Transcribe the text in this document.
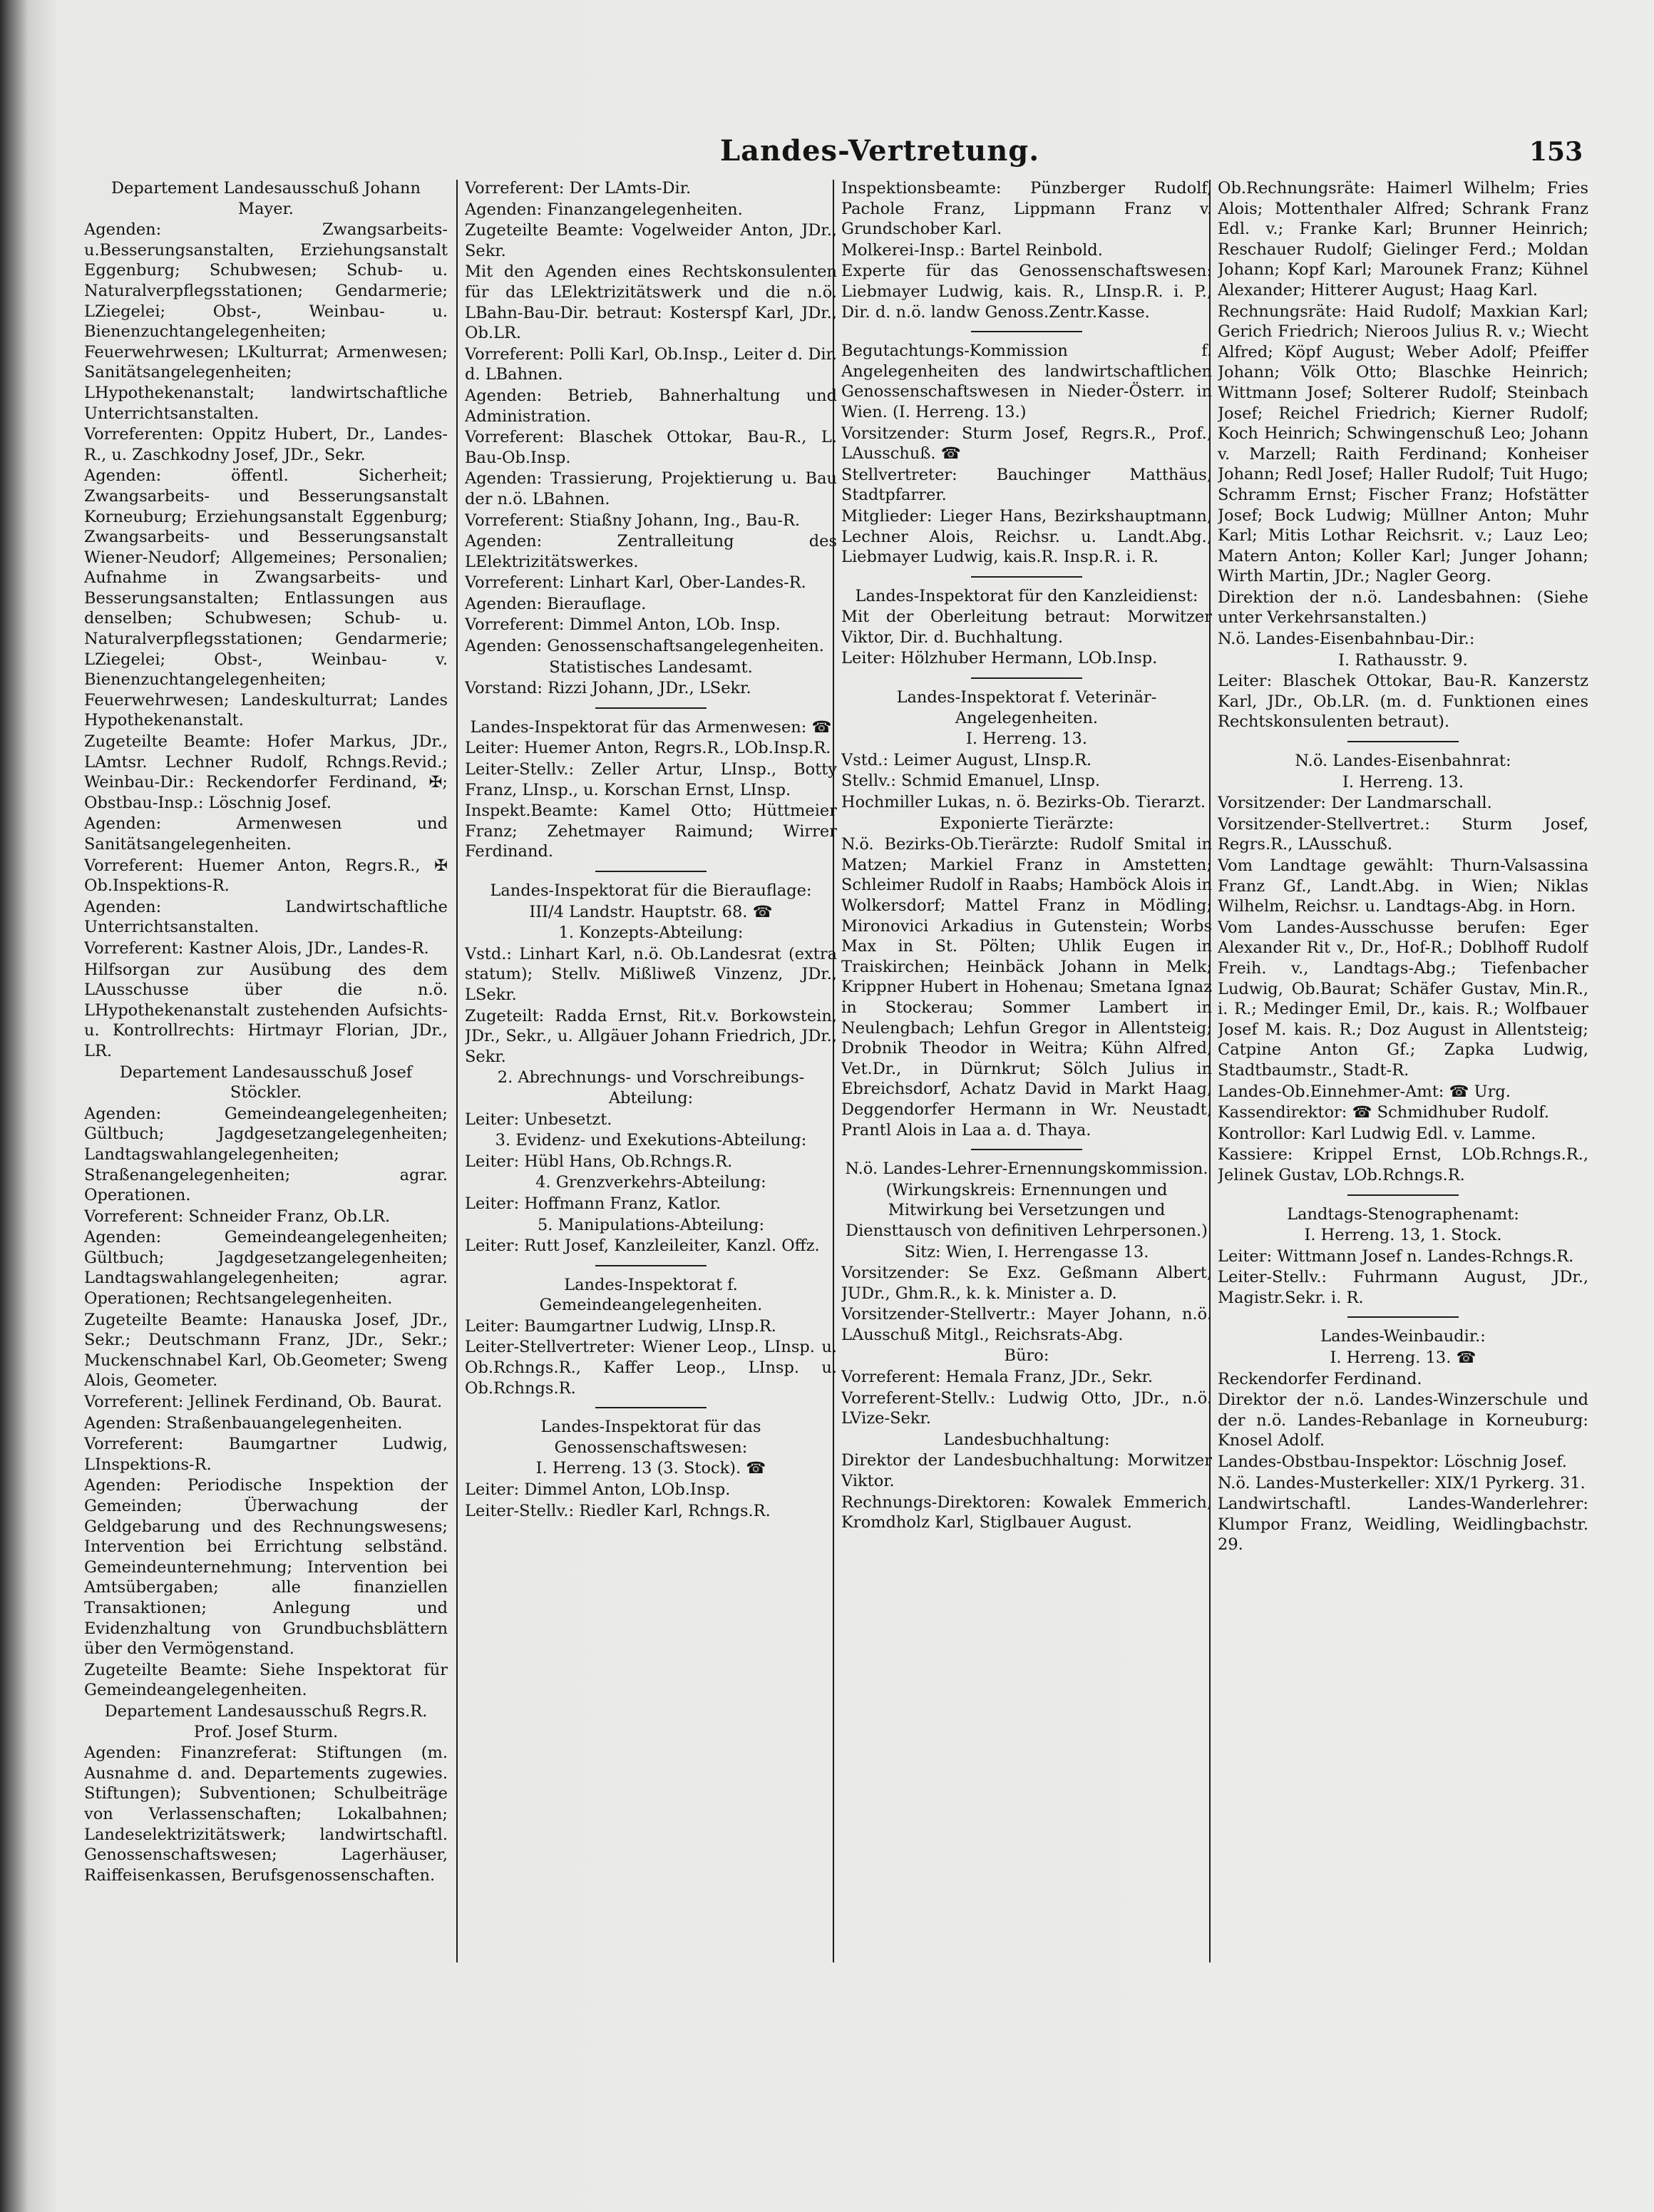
Landes-Vertretung.	153
Departement Landesausschuß Johann Mayer.
Agenden: Zwangsarbeits-u.Besserungsanstalten, Erziehungsanstalt Eggenburg; Schubwesen; Schub- u. Naturalverpflegsstationen; Gendarmerie; LZiegelei; Obst-, Weinbau- u. Bienenzuchtangelegenheiten; Feuerwehrwesen; LKulturrat; Armenwesen; Sanitätsangelegenheiten; LHypothekenanstalt; landwirtschaftliche Unterrichtsanstalten.
Vorreferenten: Oppitz Hubert, Dr., Landes-R., u. Zaschkodny Josef, JDr., Sekr.
Agenden: öffentl. Sicherheit; Zwangsarbeits- und Besserungsanstalt Korneuburg; Erziehungsanstalt Eggenburg; Zwangsarbeits- und Besserungsanstalt Wiener-Neudorf; Allgemeines; Personalien; Aufnahme in Zwangsarbeits- und Besserungsanstalten; Entlassungen aus denselben; Schubwesen; Schub- u. Naturalverpflegsstationen; Gendarmerie; LZiegelei; Obst-, Weinbau- v. Bienenzuchtangelegenheiten; Feuerwehrwesen; Landeskulturrat; Landes Hypothekenanstalt.
Zugeteilte Beamte: Hofer Markus, JDr., LAmtsr. Lechner Rudolf, Rchngs.Revid.; Weinbau-Dir.: Reckendorfer Ferdinand, ✠; Obstbau-Insp.: Löschnig Josef.
Agenden: Armenwesen und Sanitätsangelegenheiten.
Vorreferent: Huemer Anton, Regrs.R., ✠ Ob.Inspektions-R.
Agenden: Landwirtschaftliche Unterrichtsanstalten.
Vorreferent: Kastner Alois, JDr., Landes-R.
Hilfsorgan zur Ausübung des dem LAusschusse über die n.ö. LHypothekenanstalt zustehenden Aufsichts- u. Kontrollrechts: Hirtmayr Florian, JDr., LR.
Departement Landesausschuß Josef Stöckler.
Agenden: Gemeindeangelegenheiten; Gültbuch; Jagdgesetzangelegenheiten; Landtagswahlangelegenheiten; Straßenangelegenheiten; agrar. Operationen.
Vorreferent: Schneider Franz, Ob.LR.
Agenden: Gemeindeangelegenheiten; Gültbuch; Jagdgesetzangelegenheiten; Landtagswahlangelegenheiten; agrar. Operationen; Rechtsangelegenheiten.
Zugeteilte Beamte: Hanauska Josef, JDr., Sekr.; Deutschmann Franz, JDr., Sekr.; Muckenschnabel Karl, Ob.Geometer; Sweng Alois, Geometer.
Vorreferent: Jellinek Ferdinand, Ob. Baurat.
Agenden: Straßenbauangelegenheiten.
Vorreferent: Baumgartner Ludwig, LInspektions-R.
Agenden: Periodische Inspektion der Gemeinden; Überwachung der Geldgebarung und des Rechnungswesens; Intervention bei Errichtung selbständ. Gemeindeunternehmung; Intervention bei Amtsübergaben; alle finanziellen Transaktionen; Anlegung und Evidenzhaltung von Grundbuchsblättern über den Vermögenstand.
Zugeteilte Beamte: Siehe Inspektorat für Gemeindeangelegenheiten.
Departement Landesausschuß Regrs.R. Prof. Josef Sturm.
Agenden: Finanzreferat: Stiftungen (m. Ausnahme d. and. Departements zugewies. Stiftungen); Subventionen; Schulbeiträge von Verlassenschaften; Lokalbahnen; Landeselektrizitätswerk; landwirtschaftl. Genossenschaftswesen; Lagerhäuser, Raiffeisenkassen, Berufsgenossenschaften.
Vorreferent: Der LAmts-Dir.
Agenden: Finanzangelegenheiten.
Zugeteilte Beamte: Vogelweider Anton, JDr., Sekr.
Mit den Agenden eines Rechtskonsulenten für das LElektrizitätswerk und die n.ö. LBahn-Bau-Dir. betraut: Kosterspf Karl, JDr., Ob.LR.
Vorreferent: Polli Karl, Ob.Insp., Leiter d. Dir. d. LBahnen.
Agenden: Betrieb, Bahnerhaltung und Administration.
Vorreferent: Blaschek Ottokar, Bau-R., L. Bau-Ob.Insp.
Agenden: Trassierung, Projektierung u. Bau der n.ö. LBahnen.
Vorreferent: Stiaßny Johann, Ing., Bau-R.
Agenden: Zentralleitung des LElektrizitätswerkes.
Vorreferent: Linhart Karl, Ober-Landes-R.
Agenden: Bierauflage.
Vorreferent: Dimmel Anton, LOb. Insp.
Agenden: Genossenschaftsangelegenheiten.
Statistisches Landesamt.
Vorstand: Rizzi Johann, JDr., LSekr.
Landes-Inspektorat für das Armenwesen: ☎
Leiter: Huemer Anton, Regrs.R., LOb.Insp.R.
Leiter-Stellv.: Zeller Artur, LInsp., Botty Franz, LInsp., u. Korschan Ernst, LInsp.
Inspekt.Beamte: Kamel Otto; Hüttmeier Franz; Zehetmayer Raimund; Wirrer Ferdinand.
Landes-Inspektorat für die Bierauflage:
III/4 Landstr. Hauptstr. 68. ☎
1. Konzepts-Abteilung:
Vstd.: Linhart Karl, n.ö. Ob.Landesrat (extra statum); Stellv. Mißliweß Vinzenz, JDr., LSekr.
Zugeteilt: Radda Ernst, Rit.v. Borkowstein, JDr., Sekr., u. Allgäuer Johann Friedrich, JDr., Sekr.
2. Abrechnungs- und Vorschreibungs-Abteilung:
Leiter: Unbesetzt.
3. Evidenz- und Exekutions-Abteilung:
Leiter: Hübl Hans, Ob.Rchngs.R.
4. Grenzverkehrs-Abteilung:
Leiter: Hoffmann Franz, Katlor.
5. Manipulations-Abteilung:
Leiter: Rutt Josef, Kanzleileiter, Kanzl. Offz.
Landes-Inspektorat f. Gemeindeangelegenheiten.
Leiter: Baumgartner Ludwig, LInsp.R.
Leiter-Stellvertreter: Wiener Leop., LInsp. u. Ob.Rchngs.R., Kaffer Leop., LInsp. u. Ob.Rchngs.R.
Landes-Inspektorat für das Genossenschaftswesen:
I. Herreng. 13 (3. Stock). ☎
Leiter: Dimmel Anton, LOb.Insp.
Leiter-Stellv.: Riedler Karl, Rchngs.R.
Inspektionsbeamte: Pünzberger Rudolf, Pachole Franz, Lippmann Franz v. Grundschober Karl.
Molkerei-Insp.: Bartel Reinbold.
Experte für das Genossenschaftswesen: Liebmayer Ludwig, kais. R., LInsp.R. i. P., Dir. d. n.ö. landw Genoss.Zentr.Kasse.
Begutachtungs-Kommission f. Angelegenheiten des landwirtschaftlichen Genossenschaftswesen in Nieder-Österr. in Wien. (I. Herreng. 13.)
Vorsitzender: Sturm Josef, Regrs.R., Prof., LAusschuß. ☎
Stellvertreter: Bauchinger Matthäus, Stadtpfarrer.
Mitglieder: Lieger Hans, Bezirkshauptmann, Lechner Alois, Reichsr. u. Landt.Abg., Liebmayer Ludwig, kais.R. Insp.R. i. R.
Landes-Inspektorat für den Kanzleidienst:
Mit der Oberleitung betraut: Morwitzer Viktor, Dir. d. Buchhaltung.
Leiter: Hölzhuber Hermann, LOb.Insp.
Landes-Inspektorat f. Veterinär-Angelegenheiten.
I. Herreng. 13.
Vstd.: Leimer August, LInsp.R.
Stellv.: Schmid Emanuel, LInsp.
Hochmiller Lukas, n. ö. Bezirks-Ob. Tierarzt.
Exponierte Tierärzte:
N.ö. Bezirks-Ob.Tierärzte: Rudolf Smital in Matzen; Markiel Franz in Amstetten; Schleimer Rudolf in Raabs; Hamböck Alois in Wolkersdorf; Mattel Franz in Mödling; Mironovici Arkadius in Gutenstein; Worbs Max in St. Pölten; Uhlik Eugen in Traiskirchen; Heinbäck Johann in Melk; Krippner Hubert in Hohenau; Smetana Ignaz in Stockerau; Sommer Lambert in Neulengbach; Lehfun Gregor in Allentsteig; Drobnik Theodor in Weitra; Kühn Alfred, Vet.Dr., in Dürnkrut; Sölch Julius in Ebreichsdorf, Achatz David in Markt Haag, Deggendorfer Hermann in Wr. Neustadt, Prantl Alois in Laa a. d. Thaya.
N.ö. Landes-Lehrer-Ernennungskommission.
(Wirkungskreis: Ernennungen und Mitwirkung bei Versetzungen und Diensttausch von definitiven Lehrpersonen.)
Sitz: Wien, I. Herrengasse 13.
Vorsitzender: Se Exz. Geßmann Albert, JUDr., Ghm.R., k. k. Minister a. D.
Vorsitzender-Stellvertr.: Mayer Johann, n.ö. LAusschuß Mitgl., Reichsrats-Abg.
Büro:
Vorreferent: Hemala Franz, JDr., Sekr.
Vorreferent-Stellv.: Ludwig Otto, JDr., n.ö. LVize-Sekr.
Landesbuchhaltung:
Direktor der Landesbuchhaltung: Morwitzer Viktor.
Rechnungs-Direktoren: Kowalek Emmerich, Kromdholz Karl, Stiglbauer August.
Ob.Rechnungsräte: Haimerl Wilhelm; Fries Alois; Mottenthaler Alfred; Schrank Franz Edl. v.; Franke Karl; Brunner Heinrich; Reschauer Rudolf; Gielinger Ferd.; Moldan Johann; Kopf Karl; Marounek Franz; Kühnel Alexander; Hitterer August; Haag Karl.
Rechnungsräte: Haid Rudolf; Maxkian Karl; Gerich Friedrich; Nieroos Julius R. v.; Wiecht Alfred; Köpf August; Weber Adolf; Pfeiffer Johann; Völk Otto; Blaschke Heinrich; Wittmann Josef; Solterer Rudolf; Steinbach Josef; Reichel Friedrich; Kierner Rudolf; Koch Heinrich; Schwingenschuß Leo; Johann v. Marzell; Raith Ferdinand; Konheiser Johann; Redl Josef; Haller Rudolf; Tuit Hugo; Schramm Ernst; Fischer Franz; Hofstätter Josef; Bock Ludwig; Müllner Anton; Muhr Karl; Mitis Lothar Reichsrit. v.; Lauz Leo; Matern Anton; Koller Karl; Junger Johann; Wirth Martin, JDr.; Nagler Georg.
Direktion der n.ö. Landesbahnen: (Siehe unter Verkehrsanstalten.)
N.ö. Landes-Eisenbahnbau-Dir.:
I. Rathausstr. 9.
Leiter: Blaschek Ottokar, Bau-R. Kanzerstz Karl, JDr., Ob.LR. (m. d. Funktionen eines Rechtskonsulenten betraut).
N.ö. Landes-Eisenbahnrat:
I. Herreng. 13.
Vorsitzender: Der Landmarschall.
Vorsitzender-Stellvertret.: Sturm Josef, Regrs.R., LAusschuß.
Vom Landtage gewählt: Thurn-Valsassina Franz Gf., Landt.Abg. in Wien; Niklas Wilhelm, Reichsr. u. Landtags-Abg. in Horn.
Vom Landes-Ausschusse berufen: Eger Alexander Rit v., Dr., Hof-R.; Doblhoff Rudolf Freih. v., Landtags-Abg.; Tiefenbacher Ludwig, Ob.Baurat; Schäfer Gustav, Min.R., i. R.; Medinger Emil, Dr., kais. R.; Wolfbauer Josef M. kais. R.; Doz August in Allentsteig; Catpine Anton Gf.; Zapka Ludwig, Stadtbaumstr., Stadt-R.
Landes-Ob.Einnehmer-Amt: ☎ Urg.
Kassendirektor: ☎ Schmidhuber Rudolf.
Kontrollor: Karl Ludwig Edl. v. Lamme.
Kassiere: Krippel Ernst, LOb.Rchngs.R., Jelinek Gustav, LOb.Rchngs.R.
Landtags-Stenographenamt:
I. Herreng. 13, 1. Stock.
Leiter: Wittmann Josef n. Landes-Rchngs.R.
Leiter-Stellv.: Fuhrmann August, JDr., Magistr.Sekr. i. R.
Landes-Weinbaudir.:
I. Herreng. 13. ☎
Reckendorfer Ferdinand.
Direktor der n.ö. Landes-Winzerschule und der n.ö. Landes-Rebanlage in Korneuburg: Knosel Adolf.
Landes-Obstbau-Inspektor: Löschnig Josef.
N.ö. Landes-Musterkeller: XIX/1 Pyrkerg. 31.
Landwirtschaftl. Landes-Wanderlehrer: Klumpor Franz, Weidling, Weidlingbachstr. 29.
